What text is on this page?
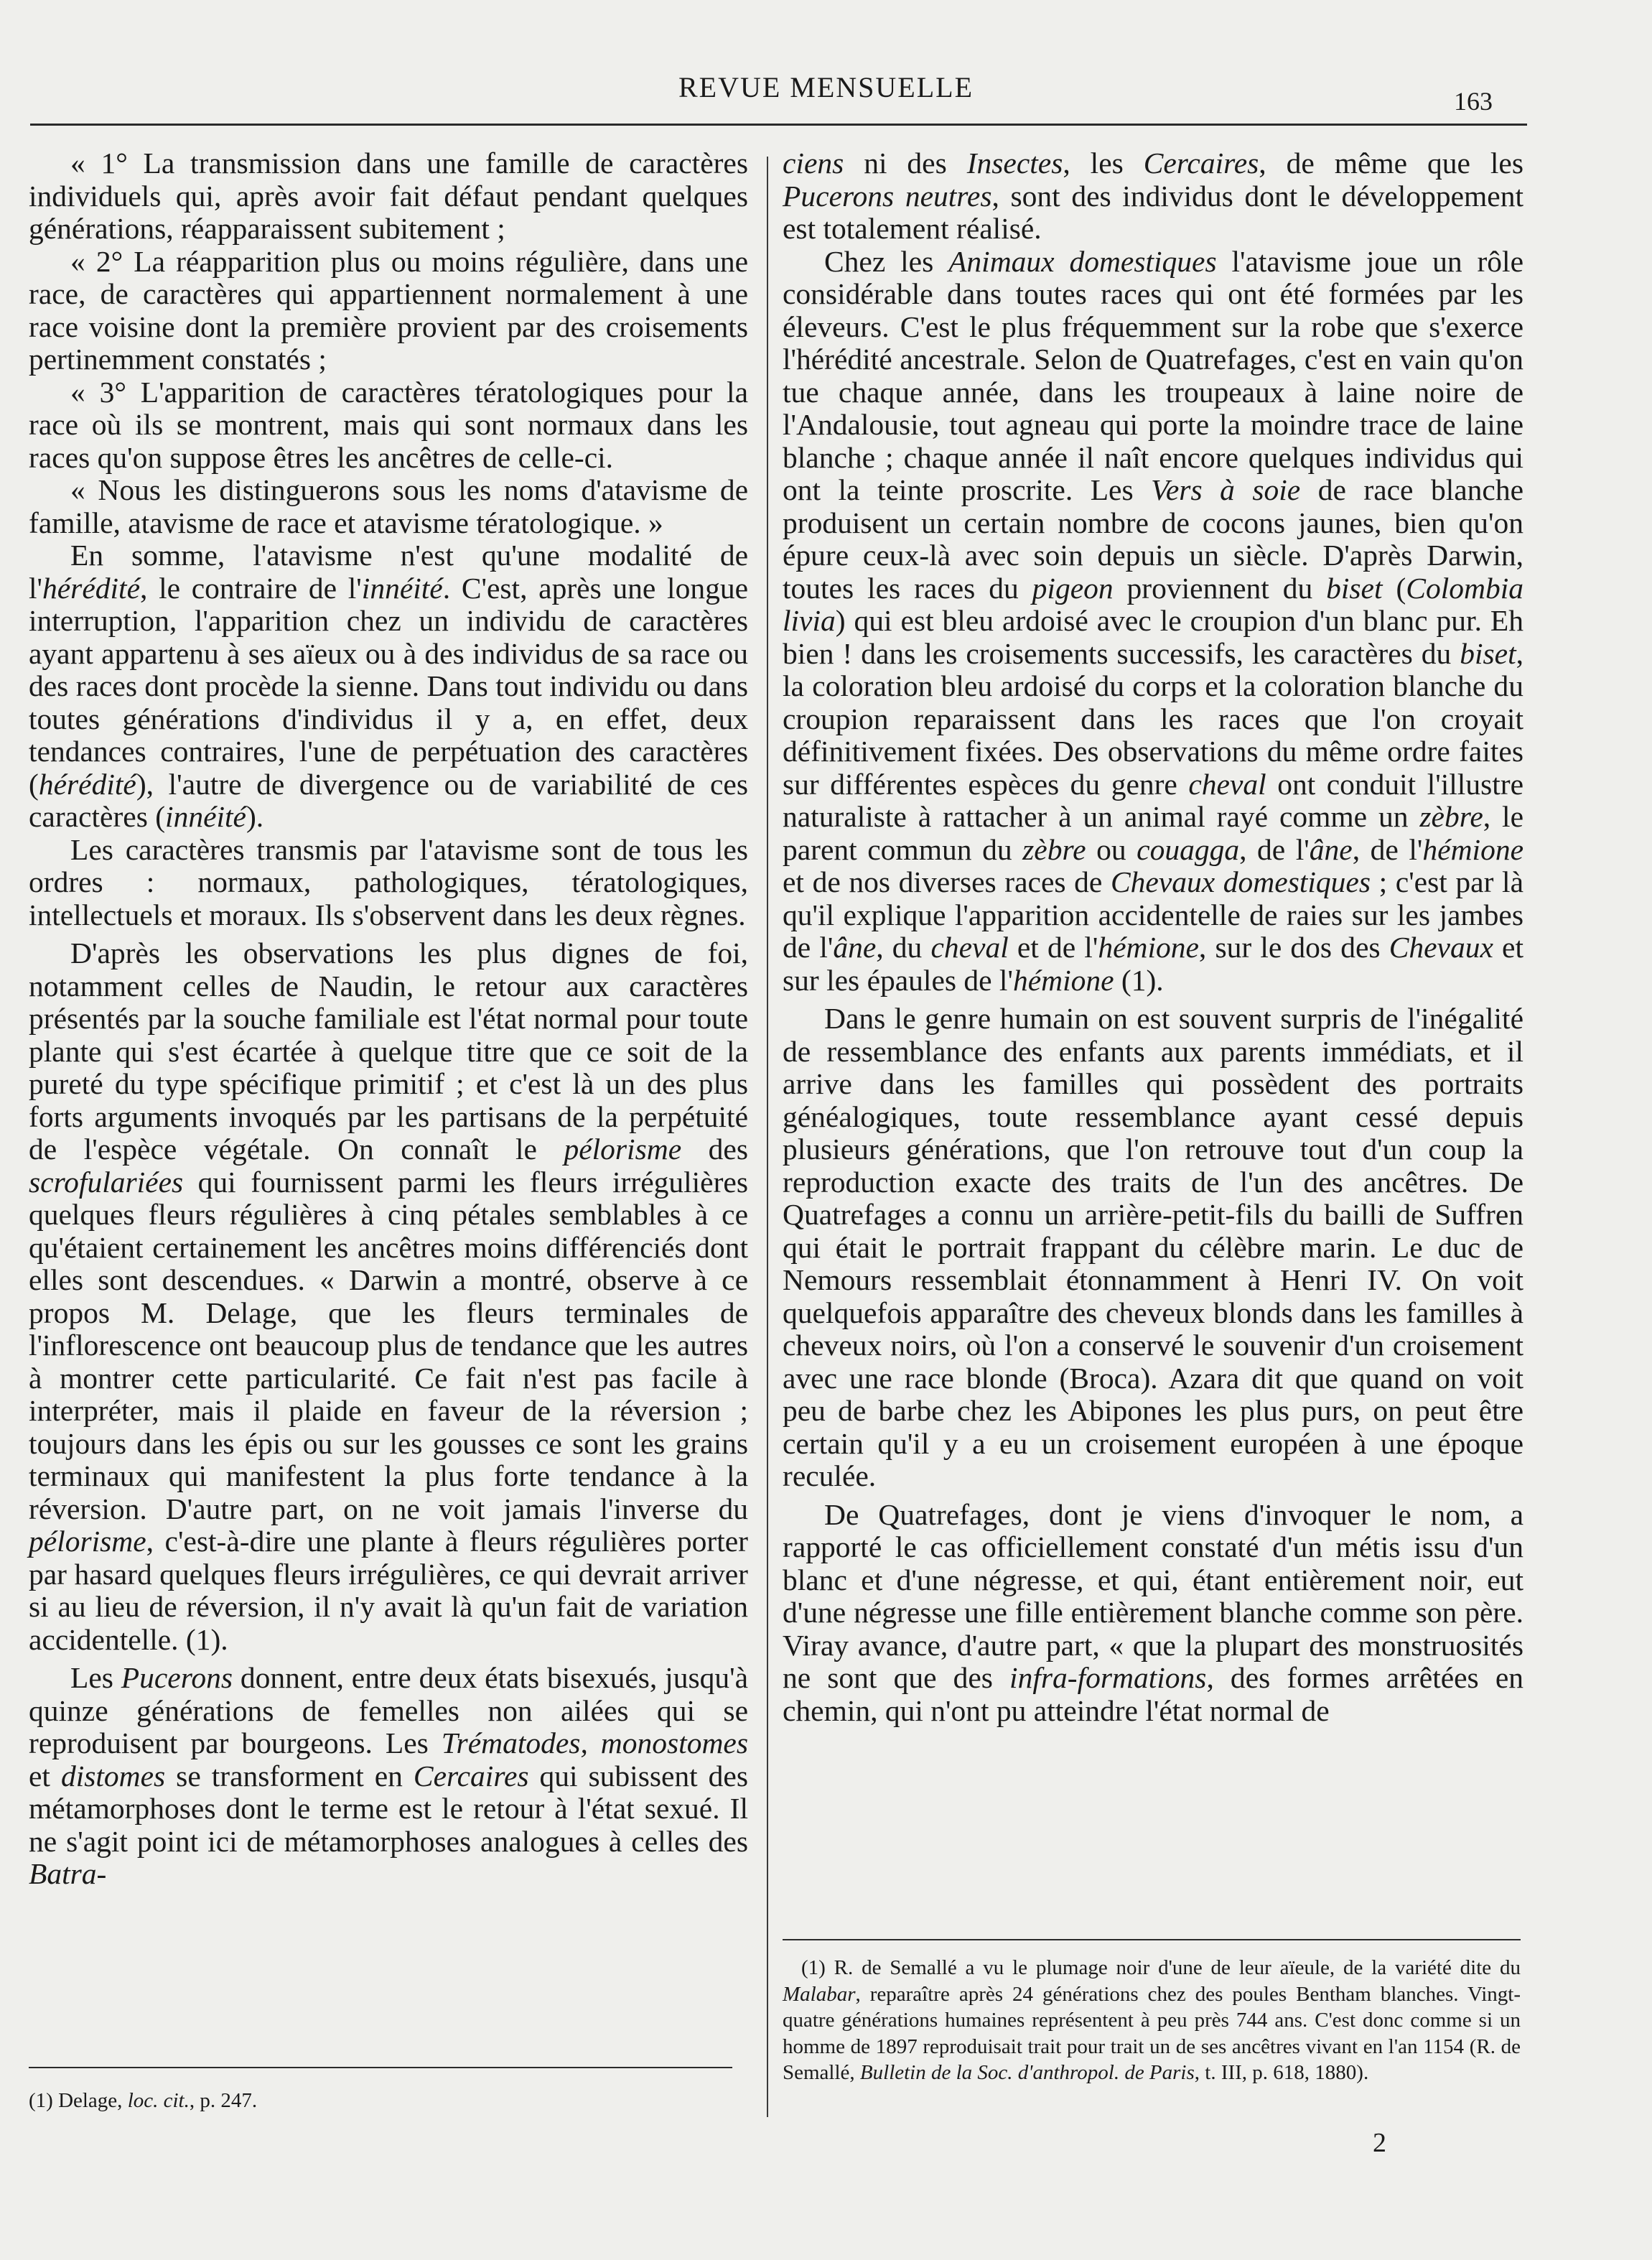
REVUE MENSUELLE	163

« 1° La transmission dans une famille de caractères individuels qui, après avoir fait défaut pendant quelques générations, réapparaissent subitement ;

« 2° La réapparition plus ou moins régulière, dans une race, de caractères qui appartiennent normalement à une race voisine dont la première provient par des croisements pertinemment constatés ;

« 3° L'apparition de caractères tératologiques pour la race où ils se montrent, mais qui sont normaux dans les races qu'on suppose êtres les ancêtres de celle-ci.

« Nous les distinguerons sous les noms d'atavisme de famille, atavisme de race et atavisme tératologique. »

En somme, l'atavisme n'est qu'une modalité de l'hérédité, le contraire de l'innéité. C'est, après une longue interruption, l'apparition chez un individu de caractères ayant appartenu à ses aïeux ou à des individus de sa race ou des races dont procède la sienne. Dans tout individu ou dans toutes générations d'individus il y a, en effet, deux tendances contraires, l'une de perpétuation des caractères (hérédité), l'autre de divergence ou de variabilité de ces caractères (innéité).

Les caractères transmis par l'atavisme sont de tous les ordres : normaux, pathologiques, tératologiques, intellectuels et moraux. Ils s'observent dans les deux règnes.

D'après les observations les plus dignes de foi, notamment celles de Naudin, le retour aux caractères présentés par la souche familiale est l'état normal pour toute plante qui s'est écartée à quelque titre que ce soit de la pureté du type spécifique primitif ; et c'est là un des plus forts arguments invoqués par les partisans de la perpétuité de l'espèce végétale. On connaît le pélorisme des scrofulariées qui fournissent parmi les fleurs irrégulières quelques fleurs régulières à cinq pétales semblables à ce qu'étaient certainement les ancêtres moins différenciés dont elles sont descendues. « Darwin a montré, observe à ce propos M. Delage, que les fleurs terminales de l'inflorescence ont beaucoup plus de tendance que les autres à montrer cette particularité. Ce fait n'est pas facile à interpréter, mais il plaide en faveur de la réversion ; toujours dans les épis ou sur les gousses ce sont les grains terminaux qui manifestent la plus forte tendance à la réversion. D'autre part, on ne voit jamais l'inverse du pélorisme, c'est-à-dire une plante à fleurs régulières porter par hasard quelques fleurs irrégulières, ce qui devrait arriver si au lieu de réversion, il n'y avait là qu'un fait de variation accidentelle. (1).

Les Pucerons donnent, entre deux états bisexués, jusqu'à quinze générations de femelles non ailées qui se reproduisent par bourgeons. Les Trématodes, monostomes et distomes se transforment en Cercaires qui subissent des métamorphoses dont le terme est le retour à l'état sexué. Il ne s'agit point ici de métamorphoses analogues à celles des Batra-

(1) Delage, loc. cit., p. 247.

ciens ni des Insectes, les Cercaires, de même que les Pucerons neutres, sont des individus dont le développement est totalement réalisé.

Chez les Animaux domestiques l'atavisme joue un rôle considérable dans toutes races qui ont été formées par les éleveurs. C'est le plus fréquemment sur la robe que s'exerce l'hérédité ancestrale. Selon de Quatrefages, c'est en vain qu'on tue chaque année, dans les troupeaux à laine noire de l'Andalousie, tout agneau qui porte la moindre trace de laine blanche ; chaque année il naît encore quelques individus qui ont la teinte proscrite. Les Vers à soie de race blanche produisent un certain nombre de cocons jaunes, bien qu'on épure ceux-là avec soin depuis un siècle. D'après Darwin, toutes les races du pigeon proviennent du biset (Colombia livia) qui est bleu ardoisé avec le croupion d'un blanc pur. Eh bien ! dans les croisements successifs, les caractères du biset, la coloration bleu ardoisé du corps et la coloration blanche du croupion reparaissent dans les races que l'on croyait définitivement fixées. Des observations du même ordre faites sur différentes espèces du genre cheval ont conduit l'illustre naturaliste à rattacher à un animal rayé comme un zèbre, le parent commun du zèbre ou couagga, de l'âne, de l'hémione et de nos diverses races de Chevaux domestiques ; c'est par là qu'il explique l'apparition accidentelle de raies sur les jambes de l'âne, du cheval et de l'hémione, sur le dos des Chevaux et sur les épaules de l'hémione (1).

Dans le genre humain on est souvent surpris de l'inégalité de ressemblance des enfants aux parents immédiats, et il arrive dans les familles qui possèdent des portraits généalogiques, toute ressemblance ayant cessé depuis plusieurs générations, que l'on retrouve tout d'un coup la reproduction exacte des traits de l'un des ancêtres. De Quatrefages a connu un arrière-petit-fils du bailli de Suffren qui était le portrait frappant du célèbre marin. Le duc de Nemours ressemblait étonnamment à Henri IV. On voit quelquefois apparaître des cheveux blonds dans les familles à cheveux noirs, où l'on a conservé le souvenir d'un croisement avec une race blonde (Broca). Azara dit que quand on voit peu de barbe chez les Abipones les plus purs, on peut être certain qu'il y a eu un croisement européen à une époque reculée.

De Quatrefages, dont je viens d'invoquer le nom, a rapporté le cas officiellement constaté d'un métis issu d'un blanc et d'une négresse, et qui, étant entièrement noir, eut d'une négresse une fille entièrement blanche comme son père. Viray avance, d'autre part, « que la plupart des monstruosités ne sont que des infra-formations, des formes arrêtées en chemin, qui n'ont pu atteindre l'état normal de

(1) R. de Semallé a vu le plumage noir d'une de leur aïeule, de la variété dite du Malabar, reparaître après 24 générations chez des poules Bentham blanches. Vingt-quatre générations humaines représentent à peu près 744 ans. C'est donc comme si un homme de 1897 reproduisait trait pour trait un de ses ancêtres vivant en l'an 1154 (R. de Semallé, Bulletin de la Soc. d'anthropol. de Paris, t. III, p. 618, 1880).

2
